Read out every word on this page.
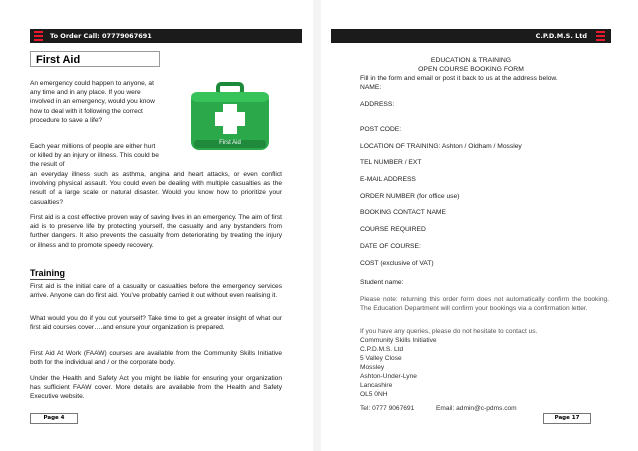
To Order Call: 07779067691
First Aid

An emergency could happen to anyone, at any time and in any place. If you were involved in an emergency, would you know how to deal with it following the correct procedure to save a life?

Each year millions of people are either hurt or killed by an injury or illness. This could be the result of

an everyday illness such as asthma, angina and heart attacks, or even conflict involving physical assault. You could even be dealing with multiple casualties as the result of a large scale or natural disaster. Would you know how to prioritize your casualties?

First aid is a cost effective proven way of saving lives in an emergency. The aim of first aid is to preserve life by protecting yourself, the casualty and any bystanders from further dangers. It also prevents the casualty from deteriorating by treating the injury or illness and to promote speedy recovery.

First Aid
Training

First aid is the initial care of a casualty or casualties before the emergency services arrive. Anyone can do first aid. You've probably carried it out without even realising it.

What would you do if you cut yourself? Take time to get a greater insight of what our first aid courses cover….and ensure your organization is prepared.

First Aid At Work (FAAW) courses are available from the Community Skills Initiative both for the individual and / or the corporate body.

Under the Health and Safety Act you might be liable for ensuring your organization has sufficient FAAW cover. More details are available from the Health and Safety Executive website.

Page 4
C.P.D.M.S. Ltd
EDUCATION & TRAINING
OPEN COURSE BOOKING FORM
Fill in the form and email or post it back to us at the address below.
NAME:
ADDRESS:
POST CODE:
LOCATION OF TRAINING: Ashton / Oldham / Mossley
TEL NUMBER / EXT
E-MAIL ADDRESS
ORDER NUMBER (for office use)
BOOKING CONTACT NAME
COURSE REQUIRED
DATE OF COURSE:
COST (exclusive of VAT)
Student name:
Please note: returning this order form does not automatically confirm the booking. The Education Department will confirm your bookings via a confirmation letter.
If you have any queries, please do not hesitate to contact us.
Community Skills Initiative
C.P.D.M.S. Ltd
5 Valley Close
Mossley
Ashton-Under-Lyne
Lancashire
OL5 0NH
Tel: 0777 9067691	Email: admin@c-pdms.com
Page 17
